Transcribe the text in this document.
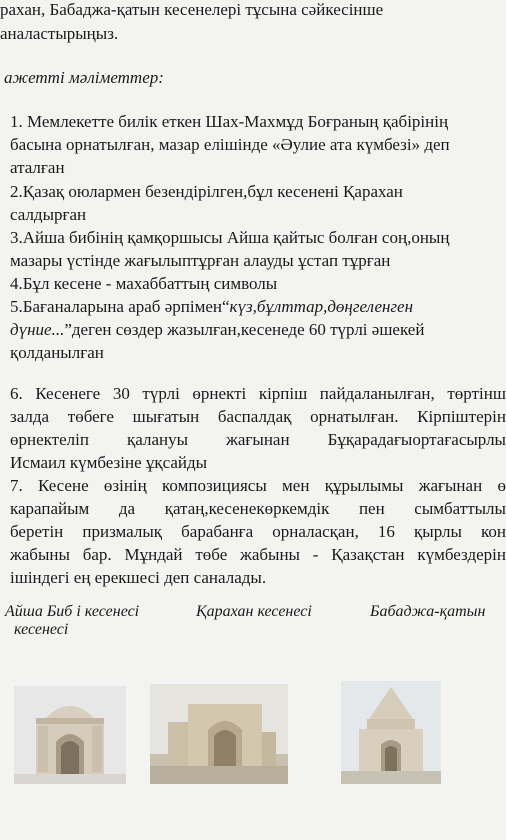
рахан, Бабаджа-қатын кесенелері тұсына сәйкесінше
аналастырыңыз.
ажетті мәліметтер:
1. Мемлекетте билік еткен Шах-Махмұд Боғраның қабірінің
басына орнатылған, мазар елішінде «Әулие ата күмбезі» деп
аталған
2.Қазақ оюлармен безендірілген,бұл кесенені Қарахан
салдырған
3.Айша бибінің қамқоршысы Айша қайтыс болған соң,оның
мазары үстінде жағылыптұрған алауды ұстап тұрған
4.Бұл кесене - махаббаттың символы
5.Бағаналарына араб әрпімен“күз,бұлттар,дөңгеленген
дүние...”деген сөздер жазылған,кесенеде 60 түрлі әшекей
қолданылған
6. Кесенеге 30 түрлі өрнекті кірпіш пайдаланылған, төртінш
залда төбеге шығатын баспалдақ орнатылған. Кірпіштерін
өрнектеліп қалануы жағынан Бұқарадағыортағасырлы
Исмаил күмбезіне ұқсайды
7. Кесене өзінің композициясы мен құрылымы жағынан ө
карапайым да қатаң,кесенекөркемдік пен сымбаттылы
беретін призмалық барабанға орналасқан, 16 қырлы кон
жабыны бар. Мұндай төбе жабыны - Қазақстан күмбездерін
ішіндегі ең ерекшесі деп саналады.
Айша Биб і кесенесі	Қарахан кесенесі	Бабаджа-қатын
кесенесі
